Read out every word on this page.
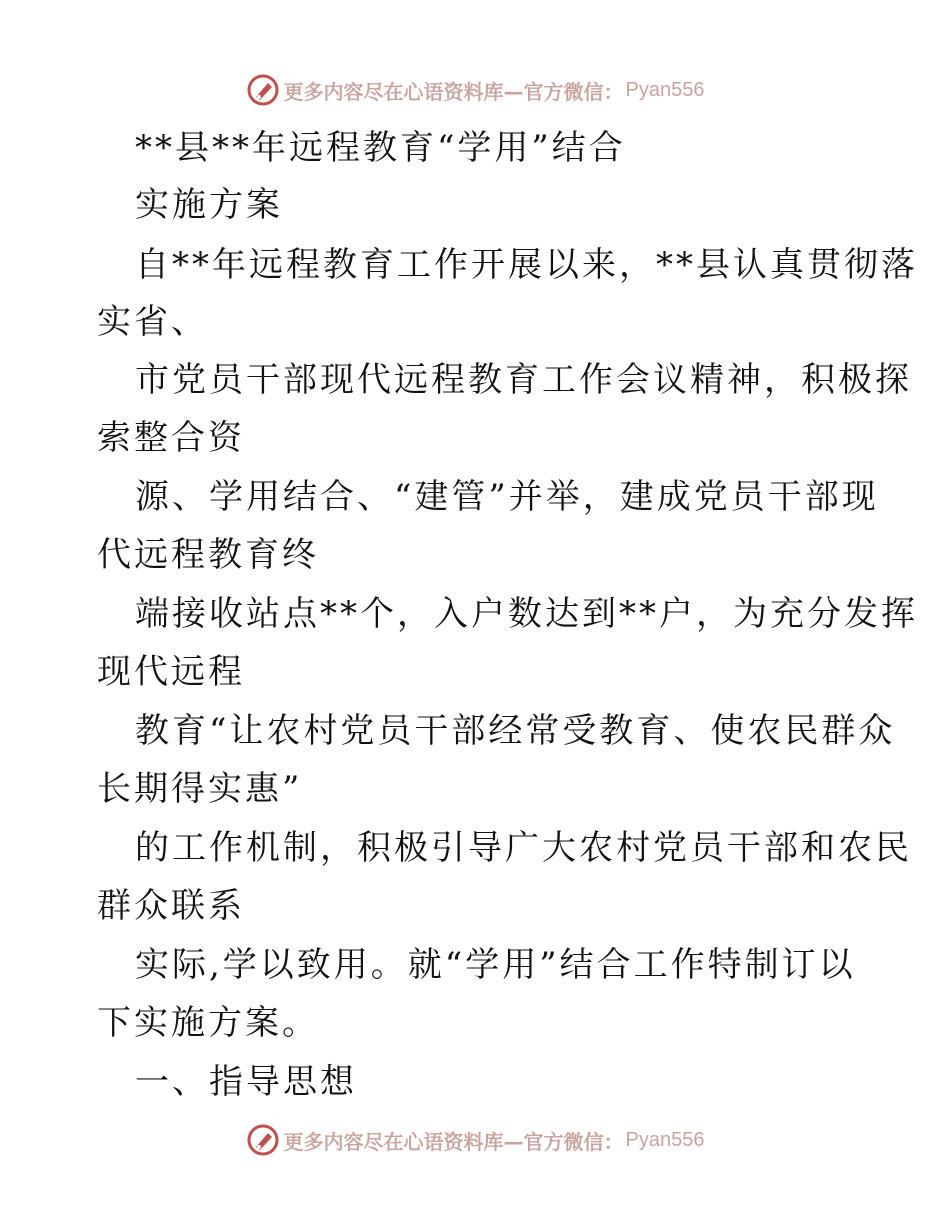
更多内容尽在心语资料库—官方微信： Pyan556
**县**年远程教育“学用”结合
实施方案
自**年远程教育工作开展以来，**县认真贯彻落
实省、
市党员干部现代远程教育工作会议精神，积极探
索整合资
源、学用结合、“建管”并举，建成党员干部现
代远程教育终
端接收站点**个，入户数达到**户，为充分发挥
现代远程
教育“让农村党员干部经常受教育、使农民群众
长期得实惠”
的工作机制，积极引导广大农村党员干部和农民
群众联系
实际,学以致用。就“学用”结合工作特制订以
下实施方案。
一、指导思想
更多内容尽在心语资料库—官方微信： Pyan556
